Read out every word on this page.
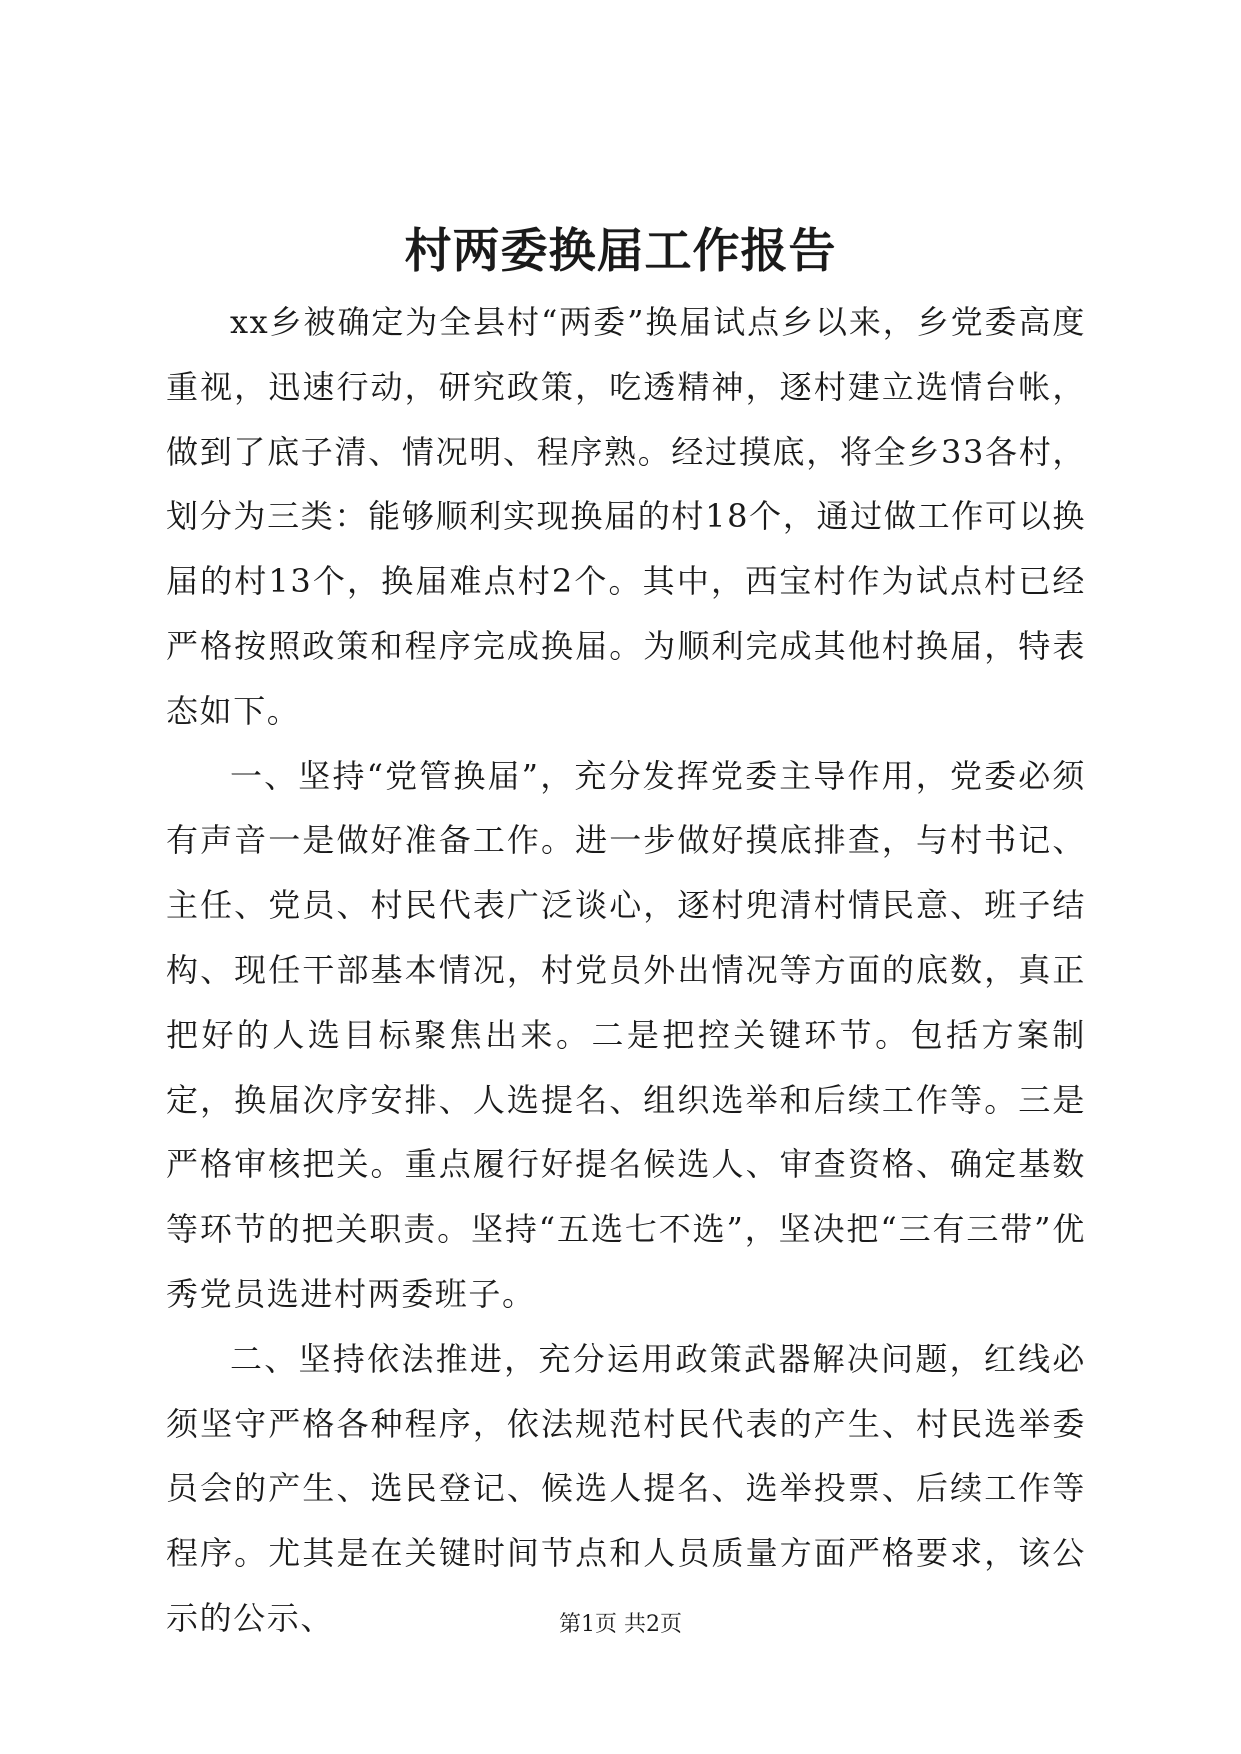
村两委换届工作报告

xx乡被确定为全县村“两委”换届试点乡以来，乡党委高度重视，迅速行动，研究政策，吃透精神，逐村建立选情台帐，做到了底子清、情况明、程序熟。经过摸底，将全乡33各村，划分为三类：能够顺利实现换届的村18个，通过做工作可以换届的村13个，换届难点村2个。其中，西宝村作为试点村已经严格按照政策和程序完成换届。为顺利完成其他村换届，特表态如下。

一、坚持“党管换届”，充分发挥党委主导作用，党委必须有声音一是做好准备工作。进一步做好摸底排查，与村书记、主任、党员、村民代表广泛谈心，逐村兜清村情民意、班子结构、现任干部基本情况，村党员外出情况等方面的底数，真正把好的人选目标聚焦出来。二是把控关键环节。包括方案制定，换届次序安排、人选提名、组织选举和后续工作等。三是严格审核把关。重点履行好提名候选人、审查资格、确定基数等环节的把关职责。坚持“五选七不选”，坚决把“三有三带”优秀党员选进村两委班子。

二、坚持依法推进，充分运用政策武器解决问题，红线必须坚守严格各种程序，依法规范村民代表的产生、村民选举委员会的产生、选民登记、候选人提名、选举投票、后续工作等程序。尤其是在关键时间节点和人员质量方面严格要求，该公示的公示、	第1页 共2页
